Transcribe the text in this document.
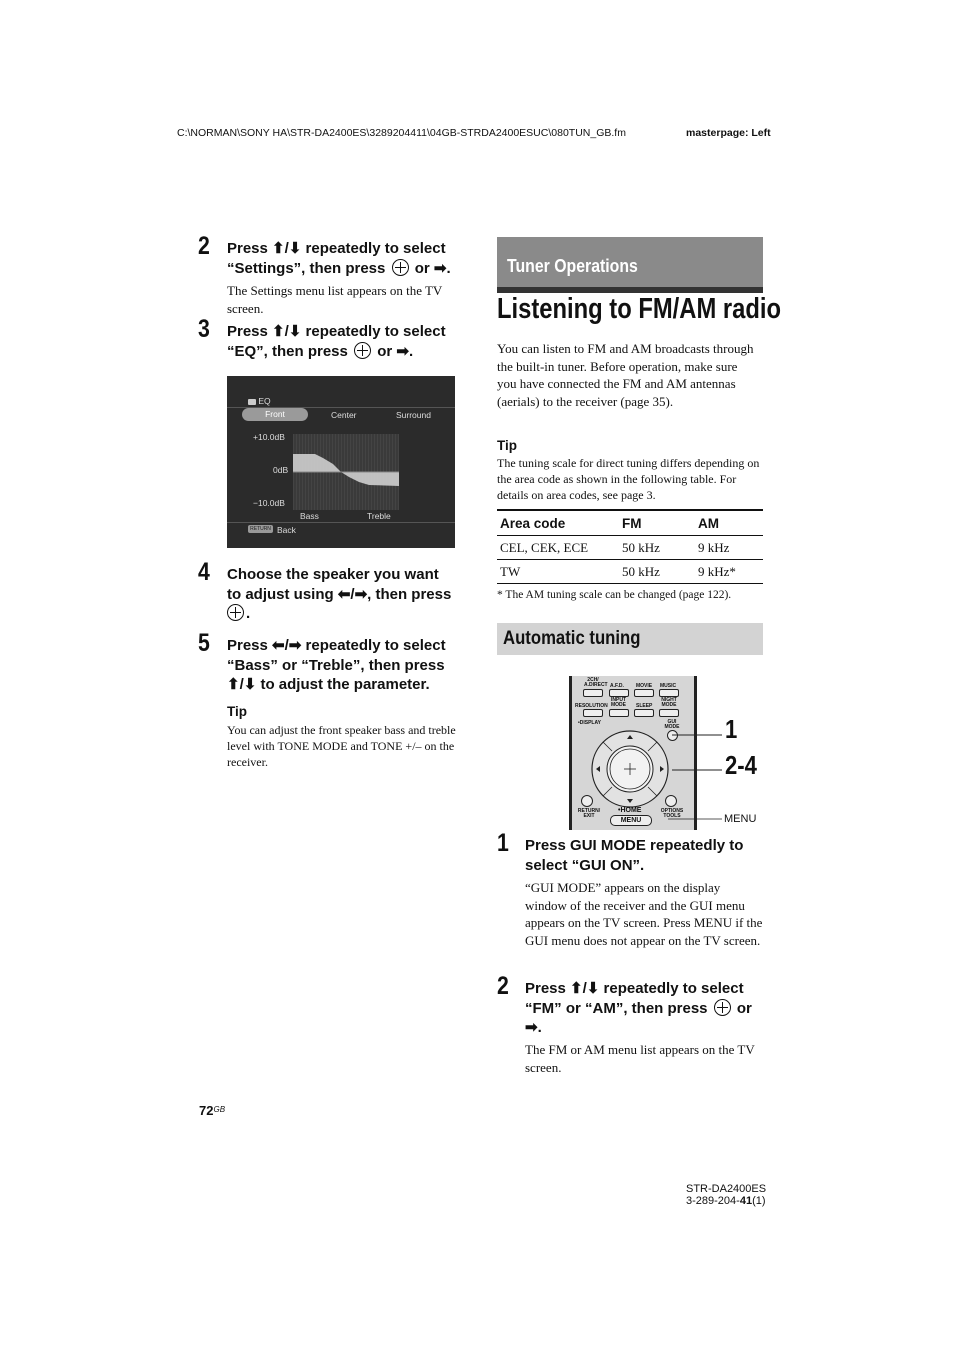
C:\NORMAN\SONY HA\STR-DA2400ES\3289204411\04GB-STRDA2400ESUC\080TUN_GB.fm	masterpage: Left
2 Press ⬆/⬇ repeatedly to select
“Settings”, then press or ➡.
The Settings menu list appears on the TV screen.
3 Press ⬆/⬇ repeatedly to select
“EQ”, then press or ➡.
EQ
Front	Center	Surround
+10.0dB
0dB
−10.0dB
Bass	Treble
RETURN Back
4 Choose the speaker you want
to adjust using ⬅/➡, then press
.
5 Press ⬅/➡ repeatedly to select
“Bass” or “Treble”, then press
⬆/⬇ to adjust the parameter.
Tip
You can adjust the front speaker bass and treble level with TONE MODE and TONE +/– on the receiver.
Tuner Operations
Listening to FM/AM radio
You can listen to FM and AM broadcasts through the built-in tuner. Before operation, make sure you have connected the FM and AM antennas (aerials) to the receiver (page 35).
Tip
The tuning scale for direct tuning differs depending on the area code as shown in the following table. For details on area codes, see page 3.
Area code	FM	AM
CEL, CEK, ECE	50 kHz	9 kHz
TW	50 kHz	9 kHz*
* The AM tuning scale can be changed (page 122).
Automatic tuning
2CH/ A.DIRECT A.F.D. MOVIE MUSIC
RESOLUTION
INPUT MODE SLEEP
NIGHT MODE
•DISPLAY	GUI MODE
RETURN/ EXIT
•HOME	OPTIONS TOOLS
MENU
1
2-4
MENU
1 Press GUI MODE repeatedly to
select “GUI ON”.
“GUI MODE” appears on the display window of the receiver and the GUI menu appears on the TV screen. Press MENU if the GUI menu does not appear on the TV screen.
2 Press ⬆/⬇ repeatedly to select
“FM” or “AM”, then press or
➡.
The FM or AM menu list appears on the TV screen.
$72^{GB}$
STR-DA2400ES
3-289-204-41(1)
